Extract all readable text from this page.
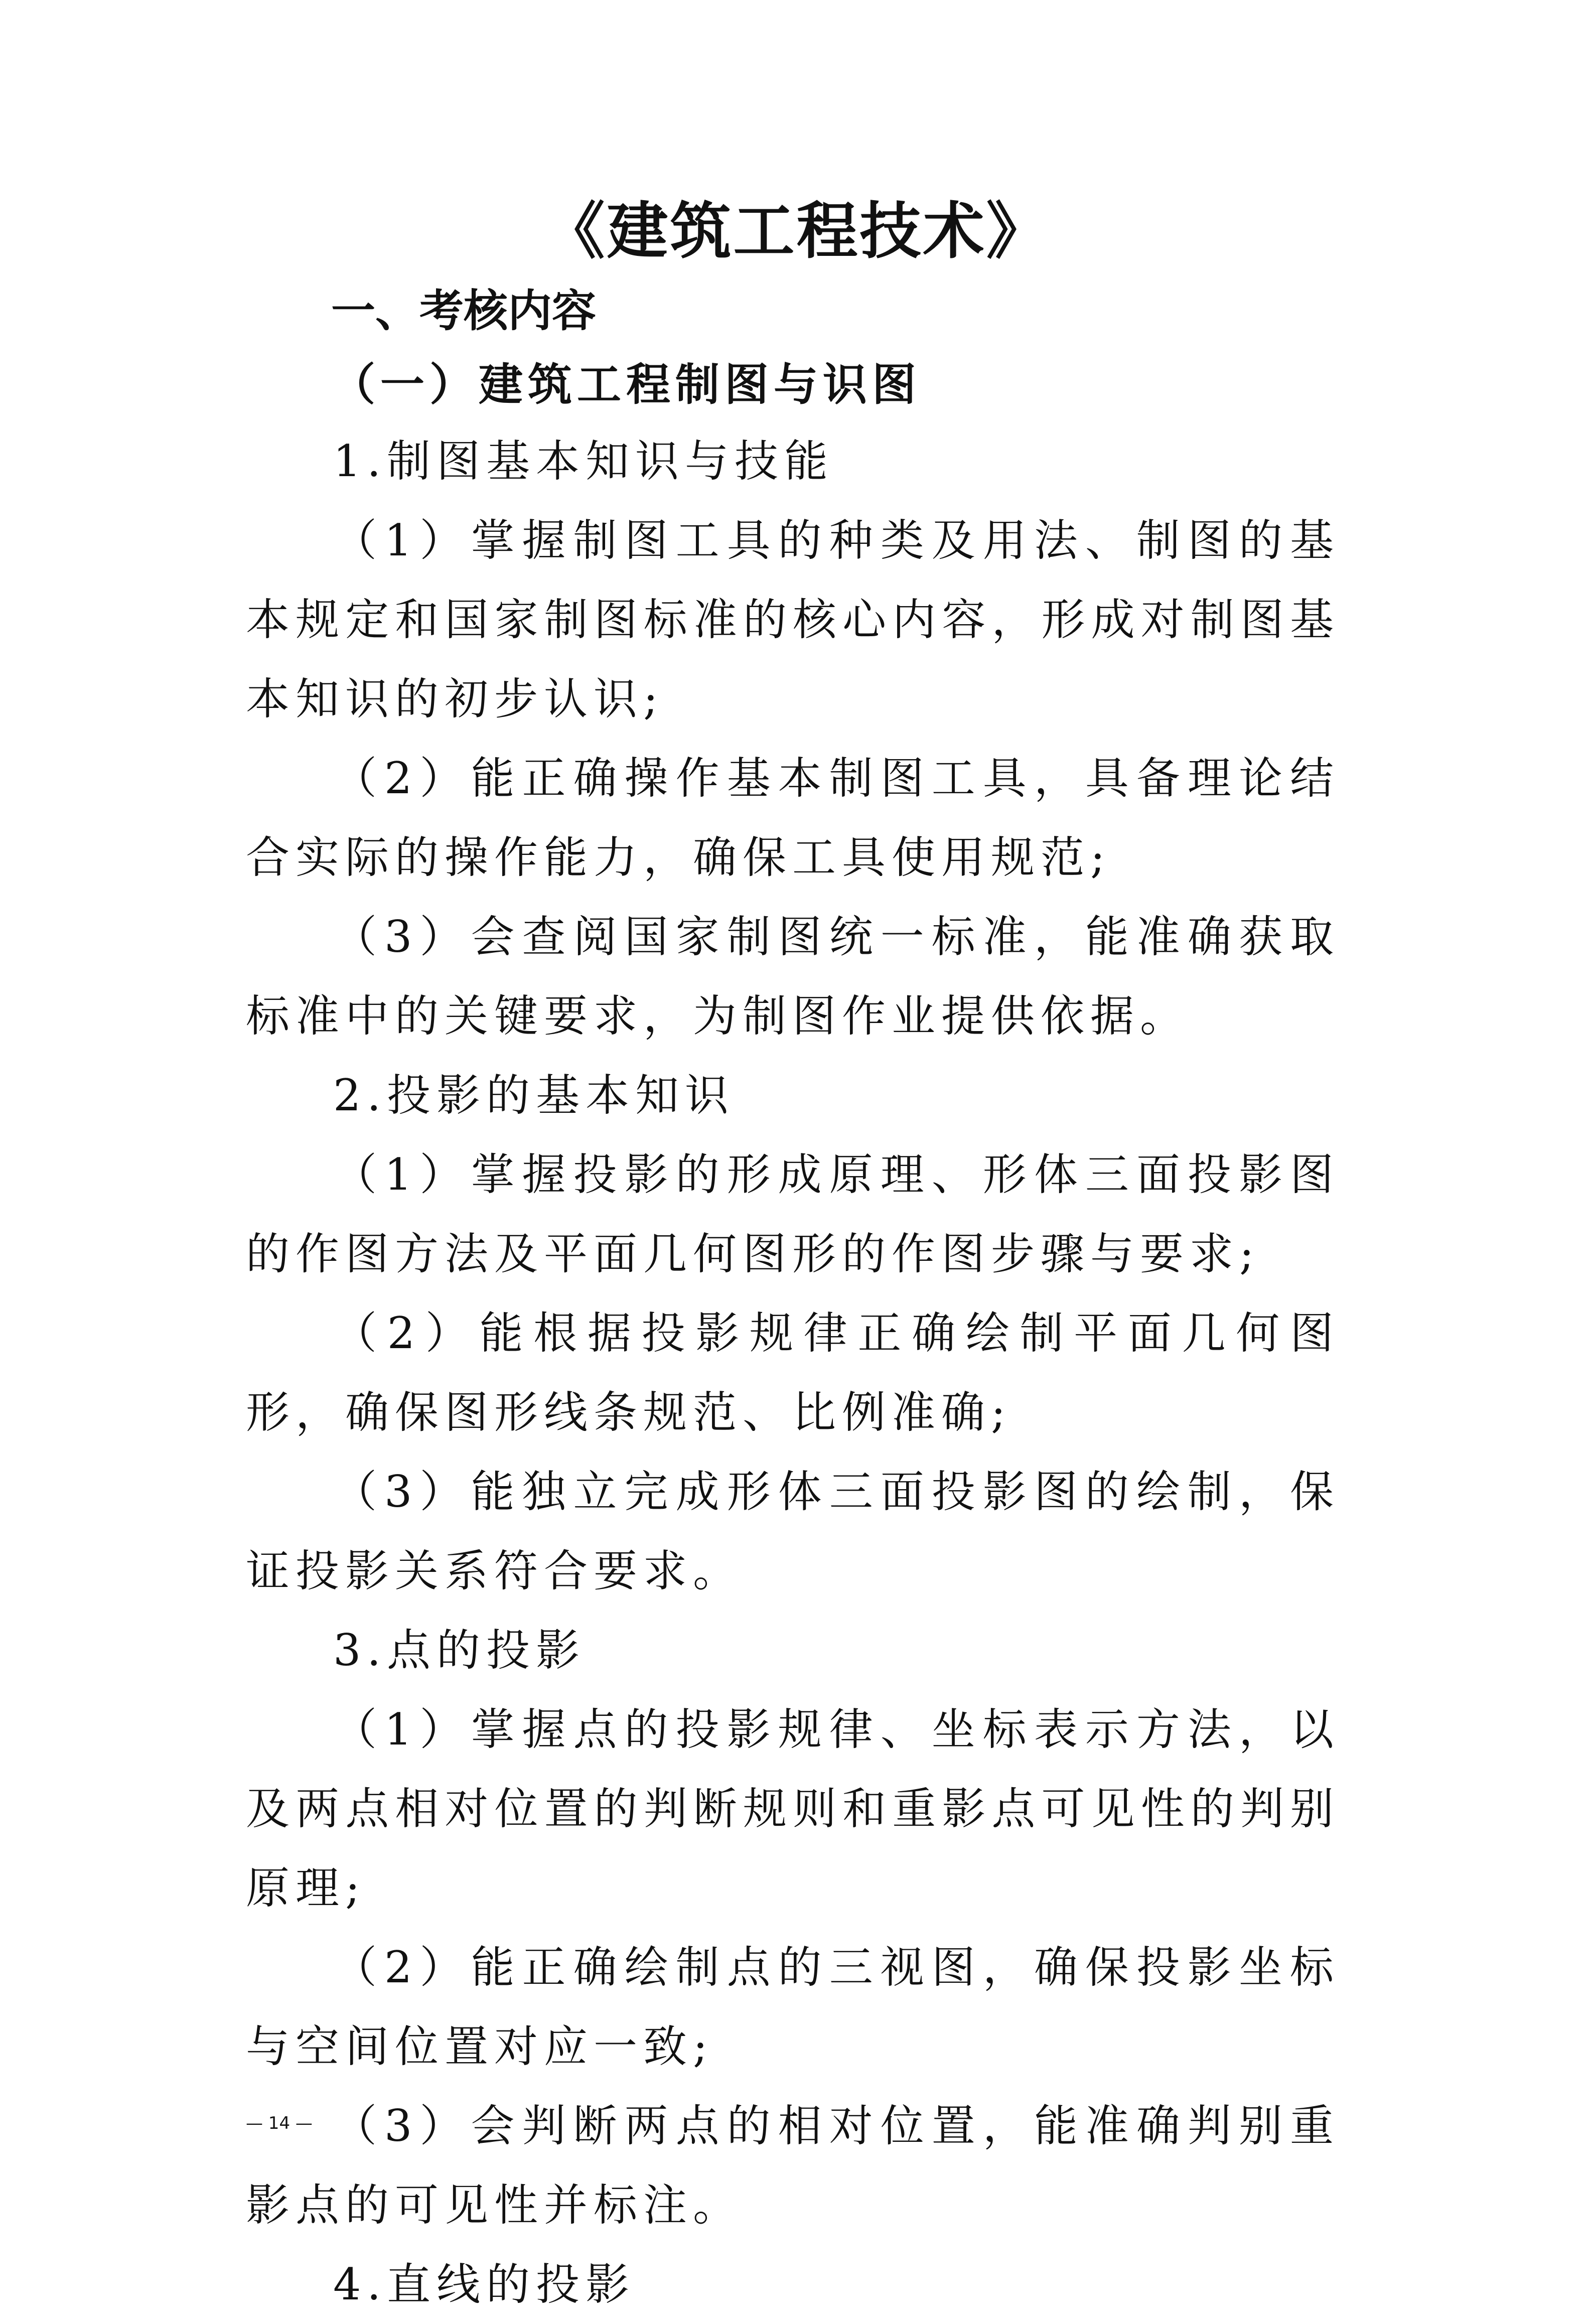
《建筑工程技术》
一、考核内容
（一）建筑工程制图与识图

1.制图基本知识与技能

（1）掌握制图工具的种类及用法、制图的基本规定和国家制图标准的核心内容，形成对制图基本知识的初步认识;

（2）能正确操作基本制图工具，具备理论结合实际的操作能力，确保工具使用规范;

（3）会查阅国家制图统一标准，能准确获取标准中的关键要求，为制图作业提供依据。

2.投影的基本知识

（1）掌握投影的形成原理、形体三面投影图的作图方法及平面几何图形的作图步骤与要求;

（2）能根据投影规律正确绘制平面几何图形，确保图形线条规范、比例准确;

（3）能独立完成形体三面投影图的绘制，保证投影关系符合要求。

3.点的投影

（1）掌握点的投影规律、坐标表示方法，以及两点相对位置的判断规则和重影点可见性的判别原理;

（2）能正确绘制点的三视图，确保投影坐标与空间位置对应一致;

（3）会判断两点的相对位置，能准确判别重影点的可见性并标注。

4.直线的投影

— 14 —
